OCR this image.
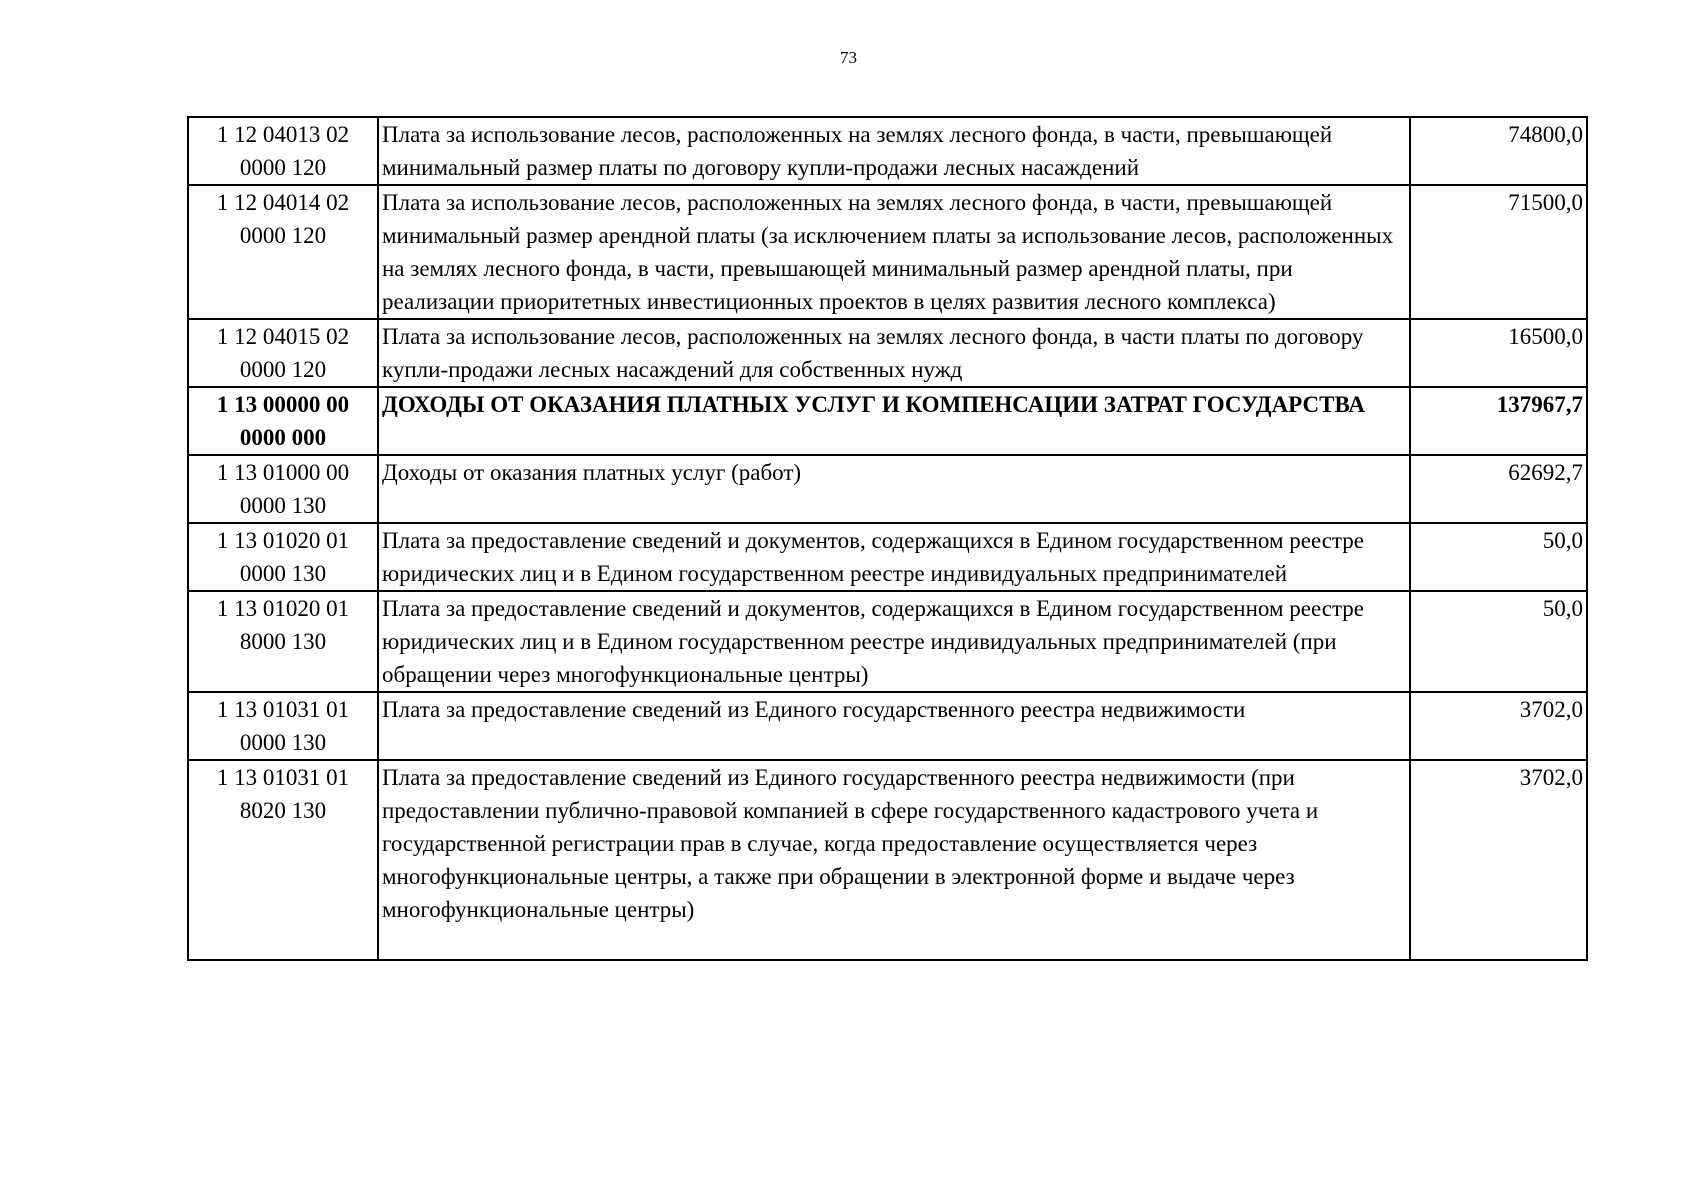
73
1 12 04013 02 0000 120	Плата за использование лесов, расположенных на землях лесного фонда, в части, превышающей минимальный размер платы по договору купли-продажи лесных насаждений	74800,0
1 12 04014 02 0000 120	Плата за использование лесов, расположенных на землях лесного фонда, в части, превышающей минимальный размер арендной платы (за исключением платы за использование лесов, расположенных на землях лесного фонда, в части, превышающей минимальный размер арендной платы, при реализации приоритетных инвестиционных проектов в целях развития лесного комплекса)	71500,0
1 12 04015 02 0000 120	Плата за использование лесов, расположенных на землях лесного фонда, в части платы по договору купли-продажи лесных насаждений для собственных нужд	16500,0
1 13 00000 00 0000 000	ДОХОДЫ ОТ ОКАЗАНИЯ ПЛАТНЫХ УСЛУГ И КОМПЕНСАЦИИ ЗАТРАТ ГОСУДАРСТВА	137967,7
1 13 01000 00 0000 130	Доходы от оказания платных услуг (работ)	62692,7
1 13 01020 01 0000 130	Плата за предоставление сведений и документов, содержащихся в Едином государственном реестре юридических лиц и в Едином государственном реестре индивидуальных предпринимателей	50,0
1 13 01020 01 8000 130	Плата за предоставление сведений и документов, содержащихся в Едином государственном реестре юридических лиц и в Едином государственном реестре индивидуальных предпринимателей (при обращении через многофункциональные центры)	50,0
1 13 01031 01 0000 130	Плата за предоставление сведений из Единого государственного реестра недвижимости	3702,0
1 13 01031 01 8020 130	Плата за предоставление сведений из Единого государственного реестра недвижимости (при предоставлении публично-правовой компанией в сфере государственного кадастрового учета и государственной регистрации прав в случае, когда предоставление осуществляется через многофункциональные центры, а также при обращении в электронной форме и выдаче через многофункциональные центры)	3702,0
